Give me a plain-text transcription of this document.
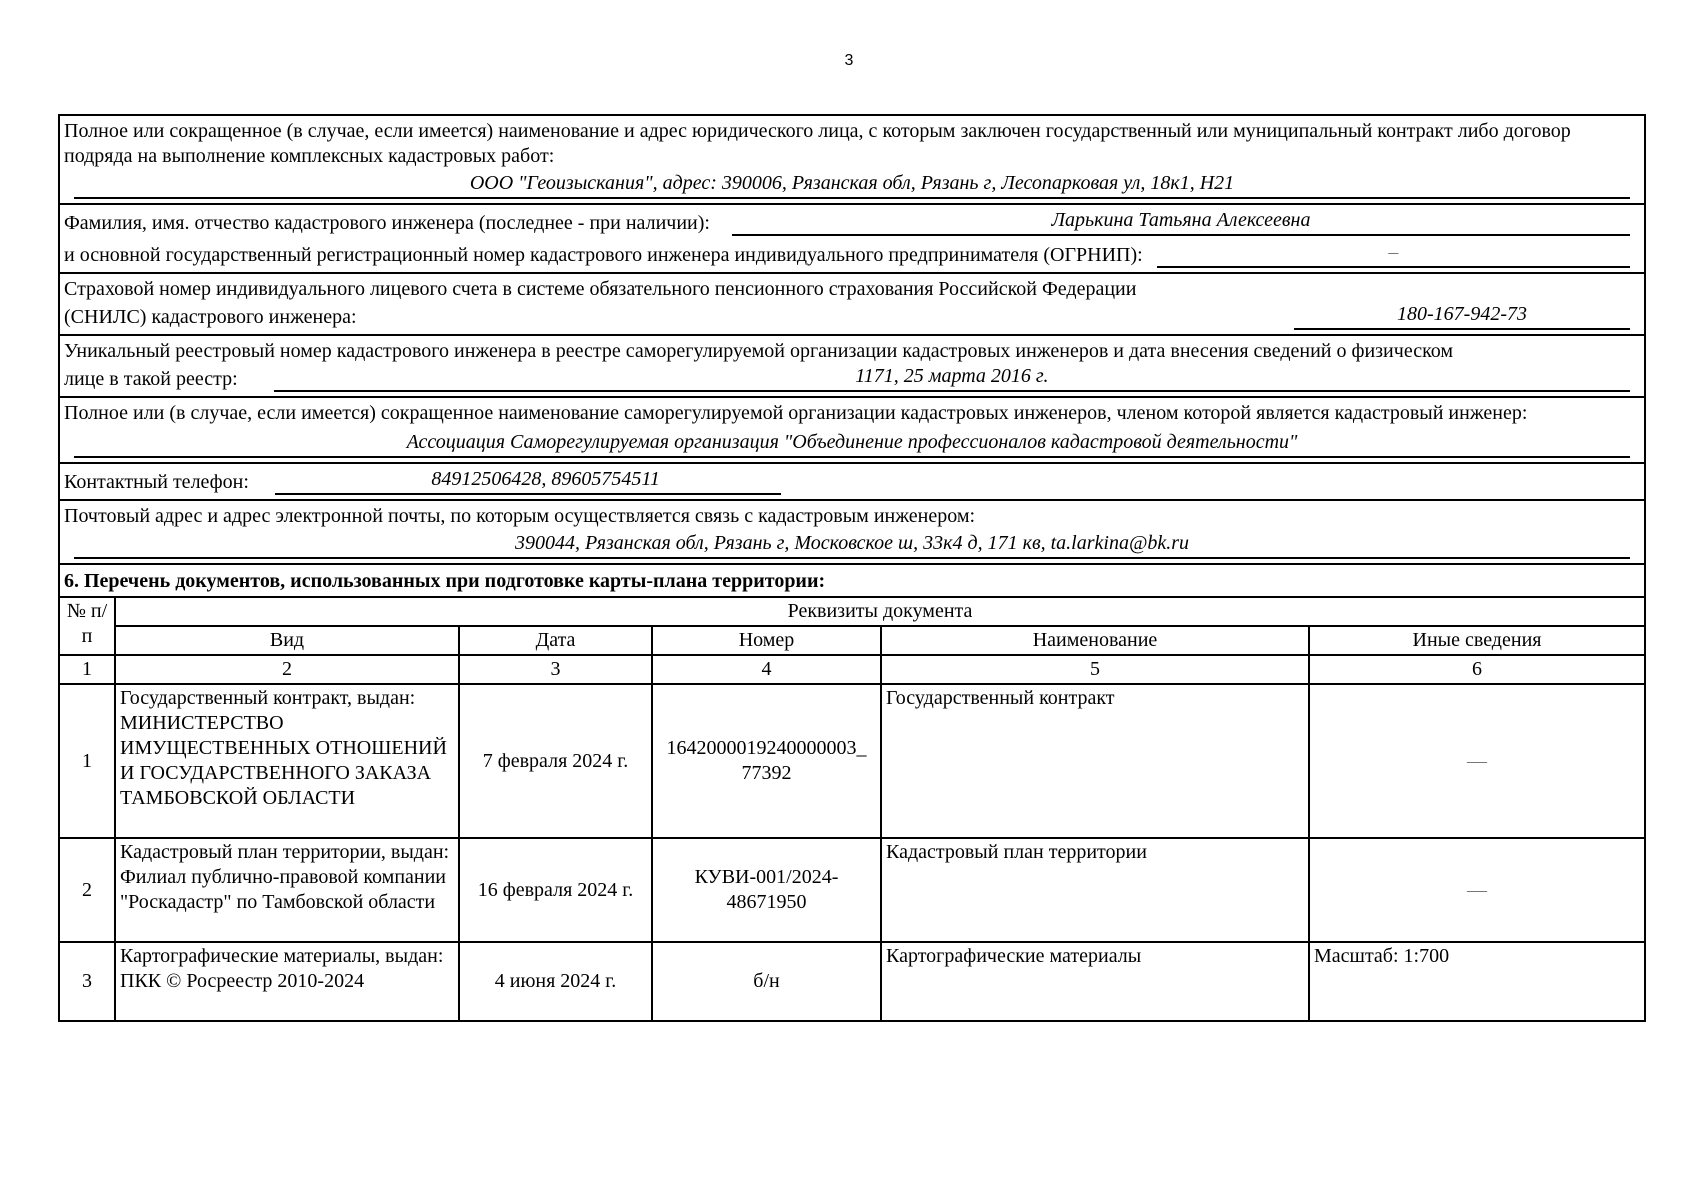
3
Полное или сокращенное (в случае, если имеется) наименование и адрес юридического лица, с которым заключен государственный или муниципальный контракт либо договор подряда на выполнение комплексных кадастровых работ:
ООО "Геоизыскания", адрес: 390006, Рязанская обл, Рязань г, Лесопарковая ул, 18к1, Н21
Фамилия, имя. отчество кадастрового инженера (последнее - при наличии):	Ларькина Татьяна Алексеевна
и основной государственный регистрационный номер кадастрового инженера индивидуального предпринимателя (ОГРНИП):	–
Страховой номер индивидуального лицевого счета в системе обязательного пенсионного страхования Российской Федерации
(СНИЛС) кадастрового инженера:	180-167-942-73
Уникальный реестровый номер кадастрового инженера в реестре саморегулируемой организации кадастровых инженеров и дата внесения сведений о физическом
лице в такой реестр:	1171, 25 марта 2016 г.
Полное или (в случае, если имеется) сокращенное наименование саморегулируемой организации кадастровых инженеров, членом которой является кадастровый инженер:
Ассоциация Саморегулируемая организация "Объединение профессионалов кадастровой деятельности"
Контактный телефон:	84912506428, 89605754511
Почтовый адрес и адрес электронной почты, по которым осуществляется связь с кадастровым инженером:
390044, Рязанская обл, Рязань г, Московское ш, 33к4 д, 171 кв, ta.larkina@bk.ru
6. Перечень документов, использованных при подготовке карты-плана территории:
№ п/п	Реквизиты документа				
	Вид	Дата	Номер	Наименование	Иные сведения
1	2	3	4	5	6
1	Государственный контракт, выдан: МИНИСТЕРСТВО ИМУЩЕСТВЕННЫХ ОТНОШЕНИЙ И ГОСУДАРСТВЕННОГО ЗАКАЗА ТАМБОВСКОЙ ОБЛАСТИ	7 февраля 2024 г.	1642000019240000003_ 77392	Государственный контракт	—
2	Кадастровый план территории, выдан: Филиал публично-правовой компании "Роскадастр" по Тамбовской области	16 февраля 2024 г.	КУВИ-001/2024-48671950	Кадастровый план территории	—
3	Картографические материалы, выдан: ПКК © Росреестр 2010-2024	4 июня 2024 г.	б/н	Картографические материалы	Масштаб: 1:700
